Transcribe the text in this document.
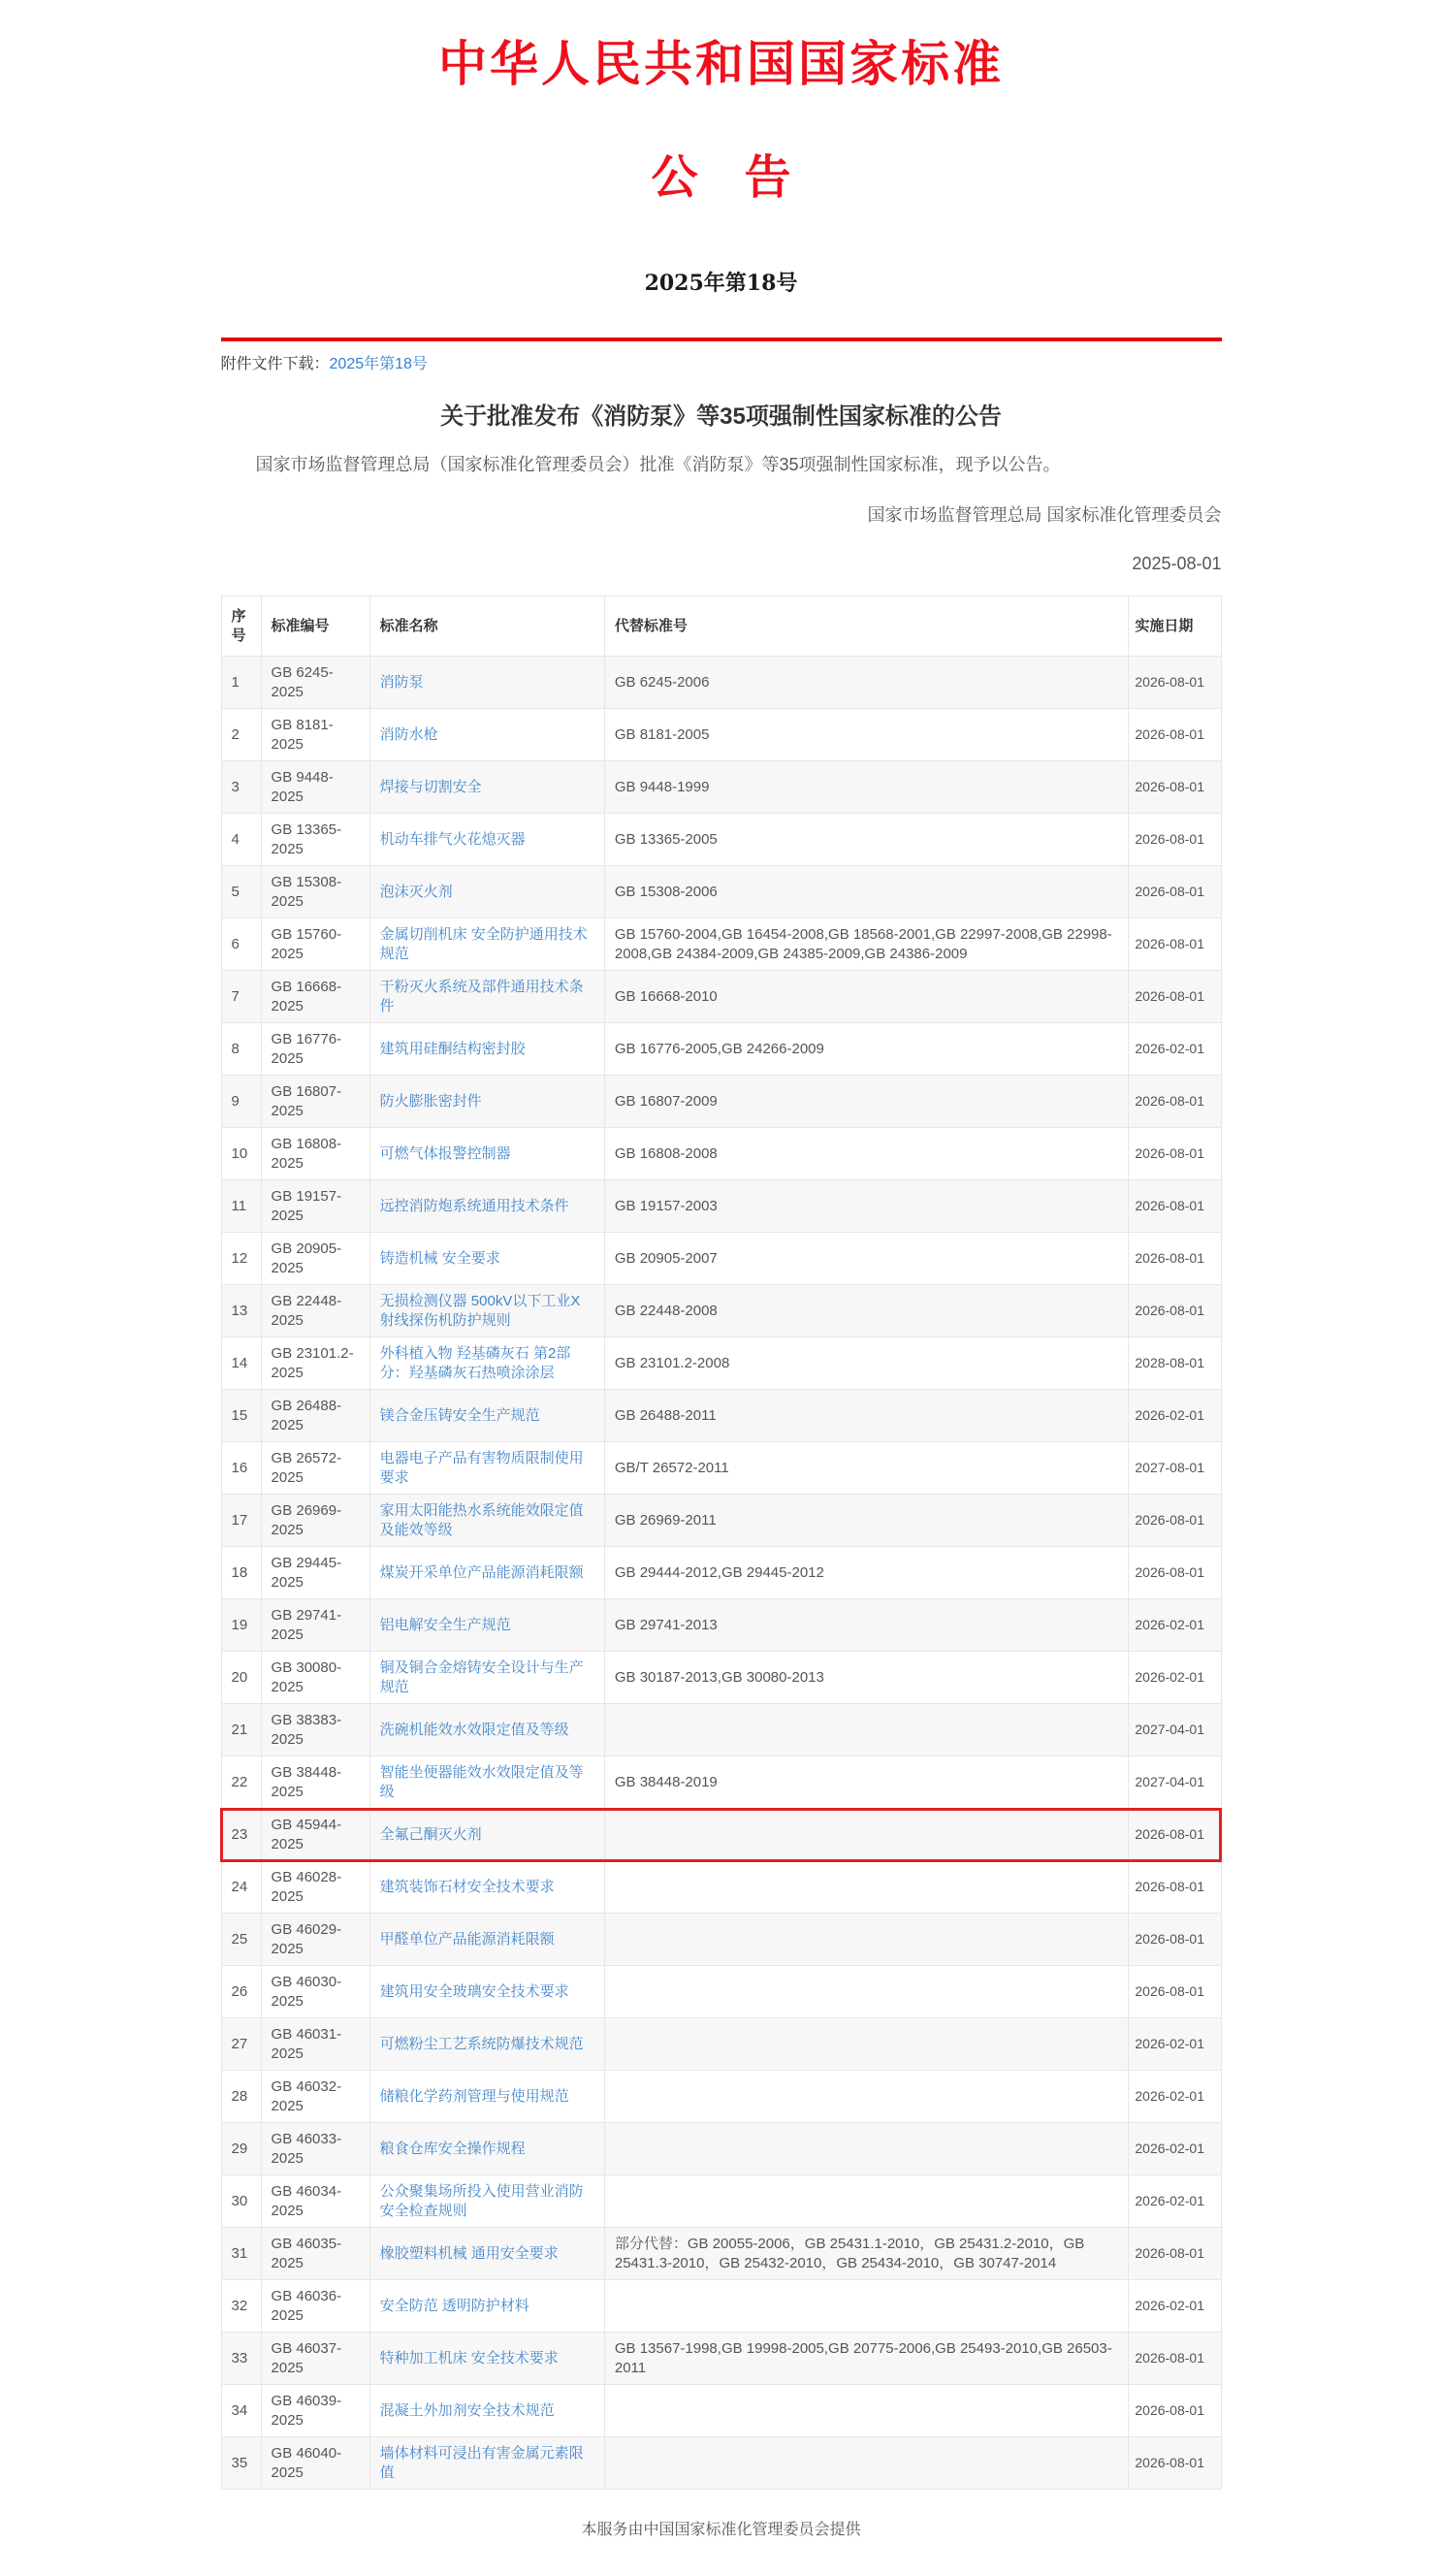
中华人民共和国国家标准
公　告
2025年第18号
附件文件下载：2025年第18号
关于批准发布《消防泵》等35项强制性国家标准的公告

国家市场监督管理总局（国家标准化管理委员会）批准《消防泵》等35项强制性国家标准，现予以公告。

国家市场监督管理总局 国家标准化管理委员会
2025-08-01
序号	标准编号	标准名称	代替标准号	实施日期
1	GB 6245-2025	消防泵	GB 6245-2006	2026-08-01
2	GB 8181-2025	消防水枪	GB 8181-2005	2026-08-01
3	GB 9448-2025	焊接与切割安全	GB 9448-1999	2026-08-01
4	GB 13365-2025	机动车排气火花熄灭器	GB 13365-2005	2026-08-01
5	GB 15308-2025	泡沫灭火剂	GB 15308-2006	2026-08-01
6	GB 15760-2025	金属切削机床 安全防护通用技术规范	GB 15760-2004,GB 16454-2008,GB 18568-2001,GB 22997-2008,GB 22998-2008,GB 24384-2009,GB 24385-2009,GB 24386-2009	2026-08-01
7	GB 16668-2025	干粉灭火系统及部件通用技术条件	GB 16668-2010	2026-08-01
8	GB 16776-2025	建筑用硅酮结构密封胶	GB 16776-2005,GB 24266-2009	2026-02-01
9	GB 16807-2025	防火膨胀密封件	GB 16807-2009	2026-08-01
10	GB 16808-2025	可燃气体报警控制器	GB 16808-2008	2026-08-01
11	GB 19157-2025	远控消防炮系统通用技术条件	GB 19157-2003	2026-08-01
12	GB 20905-2025	铸造机械 安全要求	GB 20905-2007	2026-08-01
13	GB 22448-2025	无损检测仪器 500kV以下工业X射线探伤机防护规则	GB 22448-2008	2026-08-01
14	GB 23101.2-2025	外科植入物 羟基磷灰石 第2部分：羟基磷灰石热喷涂涂层	GB 23101.2-2008	2028-08-01
15	GB 26488-2025	镁合金压铸安全生产规范	GB 26488-2011	2026-02-01
16	GB 26572-2025	电器电子产品有害物质限制使用要求	GB/T 26572-2011	2027-08-01
17	GB 26969-2025	家用太阳能热水系统能效限定值及能效等级	GB 26969-2011	2026-08-01
18	GB 29445-2025	煤炭开采单位产品能源消耗限额	GB 29444-2012,GB 29445-2012	2026-08-01
19	GB 29741-2025	铝电解安全生产规范	GB 29741-2013	2026-02-01
20	GB 30080-2025	铜及铜合金熔铸安全设计与生产规范	GB 30187-2013,GB 30080-2013	2026-02-01
21	GB 38383-2025	洗碗机能效水效限定值及等级		2027-04-01
22	GB 38448-2025	智能坐便器能效水效限定值及等级	GB 38448-2019	2027-04-01
23	GB 45944-2025	全氟己酮灭火剂		2026-08-01
24	GB 46028-2025	建筑装饰石材安全技术要求		2026-08-01
25	GB 46029-2025	甲醛单位产品能源消耗限额		2026-08-01
26	GB 46030-2025	建筑用安全玻璃安全技术要求		2026-08-01
27	GB 46031-2025	可燃粉尘工艺系统防爆技术规范		2026-02-01
28	GB 46032-2025	储粮化学药剂管理与使用规范		2026-02-01
29	GB 46033-2025	粮食仓库安全操作规程		2026-02-01
30	GB 46034-2025	公众聚集场所投入使用营业消防安全检查规则		2026-02-01
31	GB 46035-2025	橡胶塑料机械 通用安全要求	部分代替：GB 20055-2006，GB 25431.1-2010，GB 25431.2-2010，GB 25431.3-2010，GB 25432-2010，GB 25434-2010，GB 30747-2014	2026-08-01
32	GB 46036-2025	安全防范 透明防护材料		2026-02-01
33	GB 46037-2025	特种加工机床 安全技术要求	GB 13567-1998,GB 19998-2005,GB 20775-2006,GB 25493-2010,GB 26503-2011	2026-08-01
34	GB 46039-2025	混凝土外加剂安全技术规范		2026-08-01
35	GB 46040-2025	墙体材料可浸出有害金属元素限值		2026-08-01
本服务由中国国家标准化管理委员会提供
